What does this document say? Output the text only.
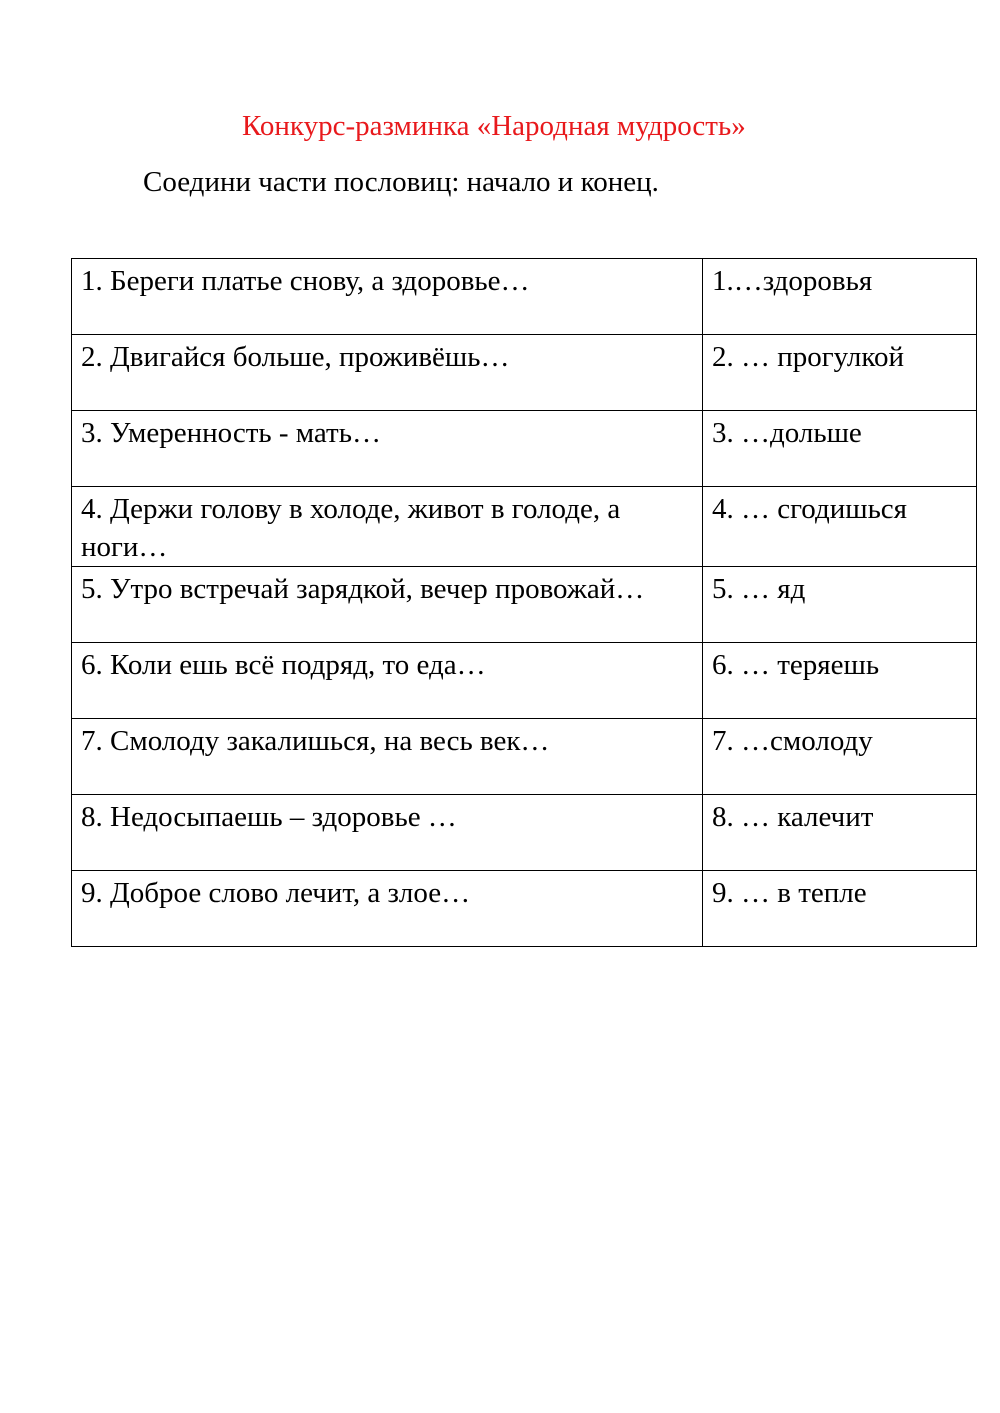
Конкурс-разминка «Народная мудрость»
Соедини части пословиц: начало и конец.
1. Береги платье снову, а здоровье…	1.…здоровья
2. Двигайся больше, проживёшь…	2. … прогулкой
3. Умеренность - мать…	3. …дольше
4. Держи голову в холоде, живот в голоде, а ноги…	4. … сгодишься
5. Утро встречай зарядкой, вечер провожай…	5. … яд
6. Коли ешь всё подряд, то еда…	6. … теряешь
7. Смолоду закалишься, на весь век…	7. …смолоду
8. Недосыпаешь – здоровье …	8. … калечит
9. Доброе слово лечит, а злое…	9. … в тепле
